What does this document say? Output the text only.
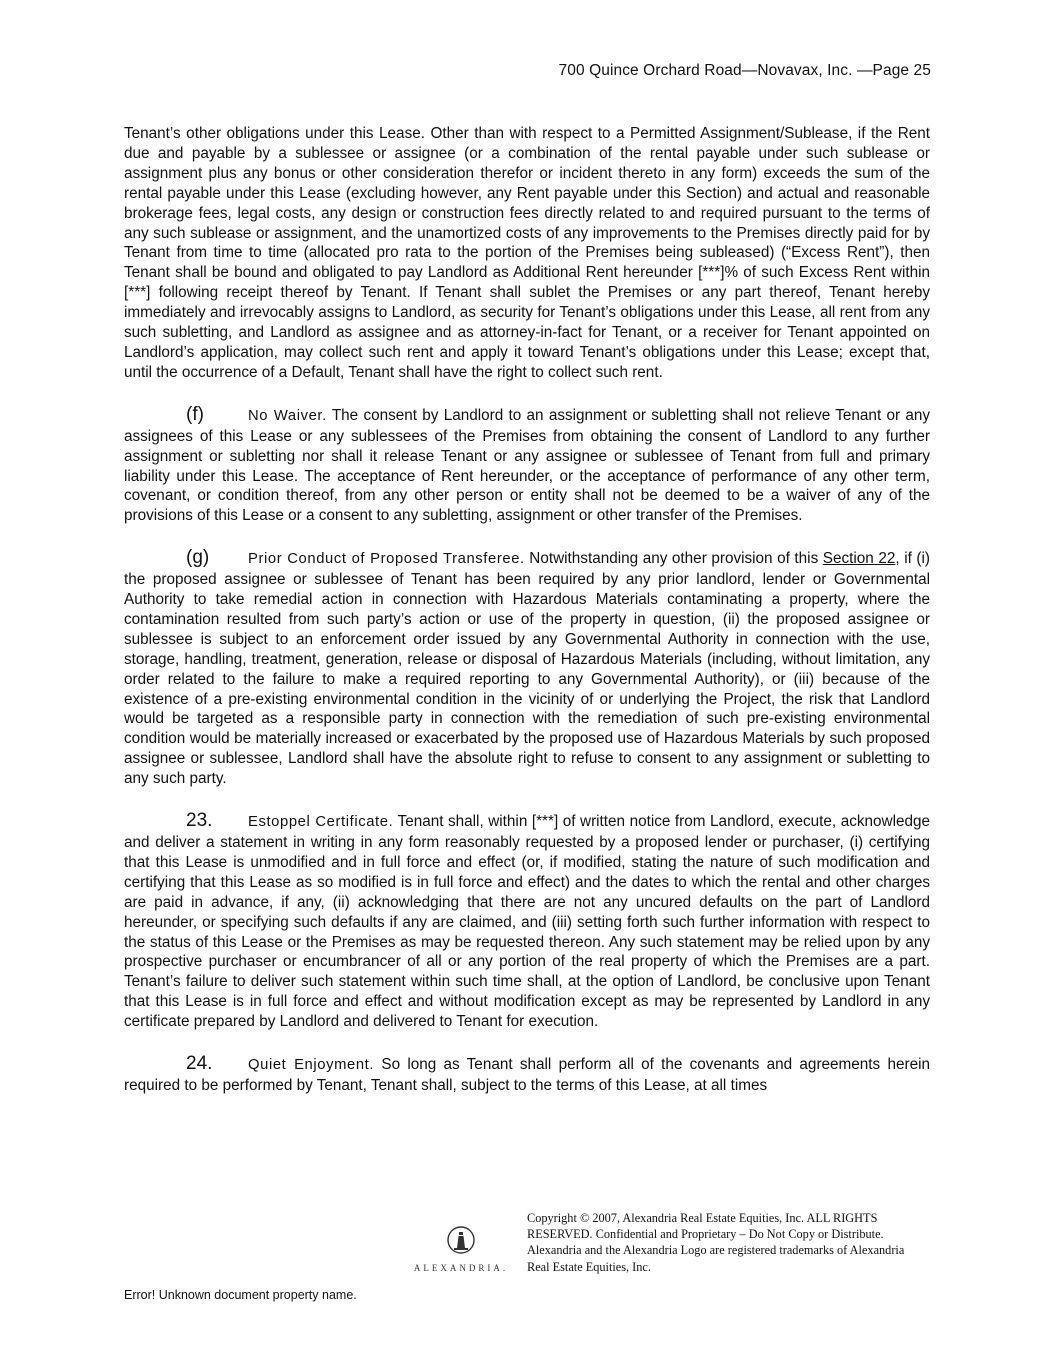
700 Quince Orchard Road—Novavax, Inc. —Page 25

Tenant’s other obligations under this Lease. Other than with respect to a Permitted Assignment/Sublease, if the Rent due and payable by a sublessee or assignee (or a combination of the rental payable under such sublease or assignment plus any bonus or other consideration therefor or incident thereto in any form) exceeds the sum of the rental payable under this Lease (excluding however, any Rent payable under this Section) and actual and reasonable brokerage fees, legal costs, any design or construction fees directly related to and required pursuant to the terms of any such sublease or assignment, and the unamortized costs of any improvements to the Premises directly paid for by Tenant from time to time (allocated pro rata to the portion of the Premises being subleased) (“Excess Rent”), then Tenant shall be bound and obligated to pay Landlord as Additional Rent hereunder [***]% of such Excess Rent within [***] following receipt thereof by Tenant. If Tenant shall sublet the Premises or any part thereof, Tenant hereby immediately and irrevocably assigns to Landlord, as security for Tenant’s obligations under this Lease, all rent from any such subletting, and Landlord as assignee and as attorney-in-fact for Tenant, or a receiver for Tenant appointed on Landlord’s application, may collect such rent and apply it toward Tenant’s obligations under this Lease; except that, until the occurrence of a Default, Tenant shall have the right to collect such rent.

(f)	No Waiver. The consent by Landlord to an assignment or subletting shall not relieve Tenant or any assignees of this Lease or any sublessees of the Premises from obtaining the consent of Landlord to any further assignment or subletting nor shall it release Tenant or any assignee or sublessee of Tenant from full and primary liability under this Lease. The acceptance of Rent hereunder, or the acceptance of performance of any other term, covenant, or condition thereof, from any other person or entity shall not be deemed to be a waiver of any of the provisions of this Lease or a consent to any subletting, assignment or other transfer of the Premises.

(g)	Prior Conduct of Proposed Transferee. Notwithstanding any other provision of this Section 22, if (i) the proposed assignee or sublessee of Tenant has been required by any prior landlord, lender or Governmental Authority to take remedial action in connection with Hazardous Materials contaminating a property, where the contamination resulted from such party’s action or use of the property in question, (ii) the proposed assignee or sublessee is subject to an enforcement order issued by any Governmental Authority in connection with the use, storage, handling, treatment, generation, release or disposal of Hazardous Materials (including, without limitation, any order related to the failure to make a required reporting to any Governmental Authority), or (iii) because of the existence of a pre-existing environmental condition in the vicinity of or underlying the Project, the risk that Landlord would be targeted as a responsible party in connection with the remediation of such pre-existing environmental condition would be materially increased or exacerbated by the proposed use of Hazardous Materials by such proposed assignee or sublessee, Landlord shall have the absolute right to refuse to consent to any assignment or subletting to any such party.

23. Estoppel Certificate. Tenant shall, within [***] of written notice from Landlord, execute, acknowledge and deliver a statement in writing in any form reasonably requested by a proposed lender or purchaser, (i) certifying that this Lease is unmodified and in full force and effect (or, if modified, stating the nature of such modification and certifying that this Lease as so modified is in full force and effect) and the dates to which the rental and other charges are paid in advance, if any, (ii) acknowledging that there are not any uncured defaults on the part of Landlord hereunder, or specifying such defaults if any are claimed, and (iii) setting forth such further information with respect to the status of this Lease or the Premises as may be requested thereon. Any such statement may be relied upon by any prospective purchaser or encumbrancer of all or any portion of the real property of which the Premises are a part. Tenant’s failure to deliver such statement within such time shall, at the option of Landlord, be conclusive upon Tenant that this Lease is in full force and effect and without modification except as may be represented by Landlord in any certificate prepared by Landlord and delivered to Tenant for execution.

24. Quiet Enjoyment. So long as Tenant shall perform all of the covenants and agreements herein required to be performed by Tenant, Tenant shall, subject to the terms of this Lease, at all times

ALEXANDRIA.
Copyright © 2007, Alexandria Real Estate Equities, Inc. ALL RIGHTS RESERVED. Confidential and Proprietary – Do Not Copy or Distribute. Alexandria and the Alexandria Logo are registered trademarks of Alexandria Real Estate Equities, Inc.
Error! Unknown document property name.
